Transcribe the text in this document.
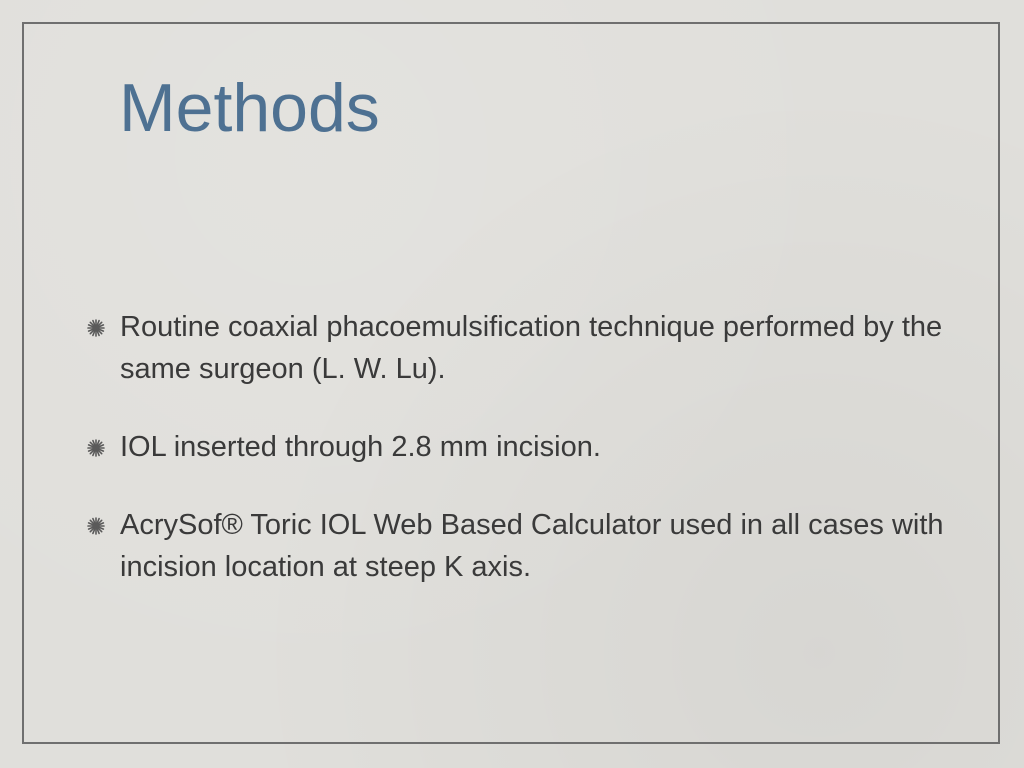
Methods
Routine coaxial phacoemulsification technique performed by the same surgeon (L. W. Lu).
IOL inserted through 2.8 mm incision.
AcrySof® Toric IOL Web Based Calculator used in all cases with incision location at steep K axis.
